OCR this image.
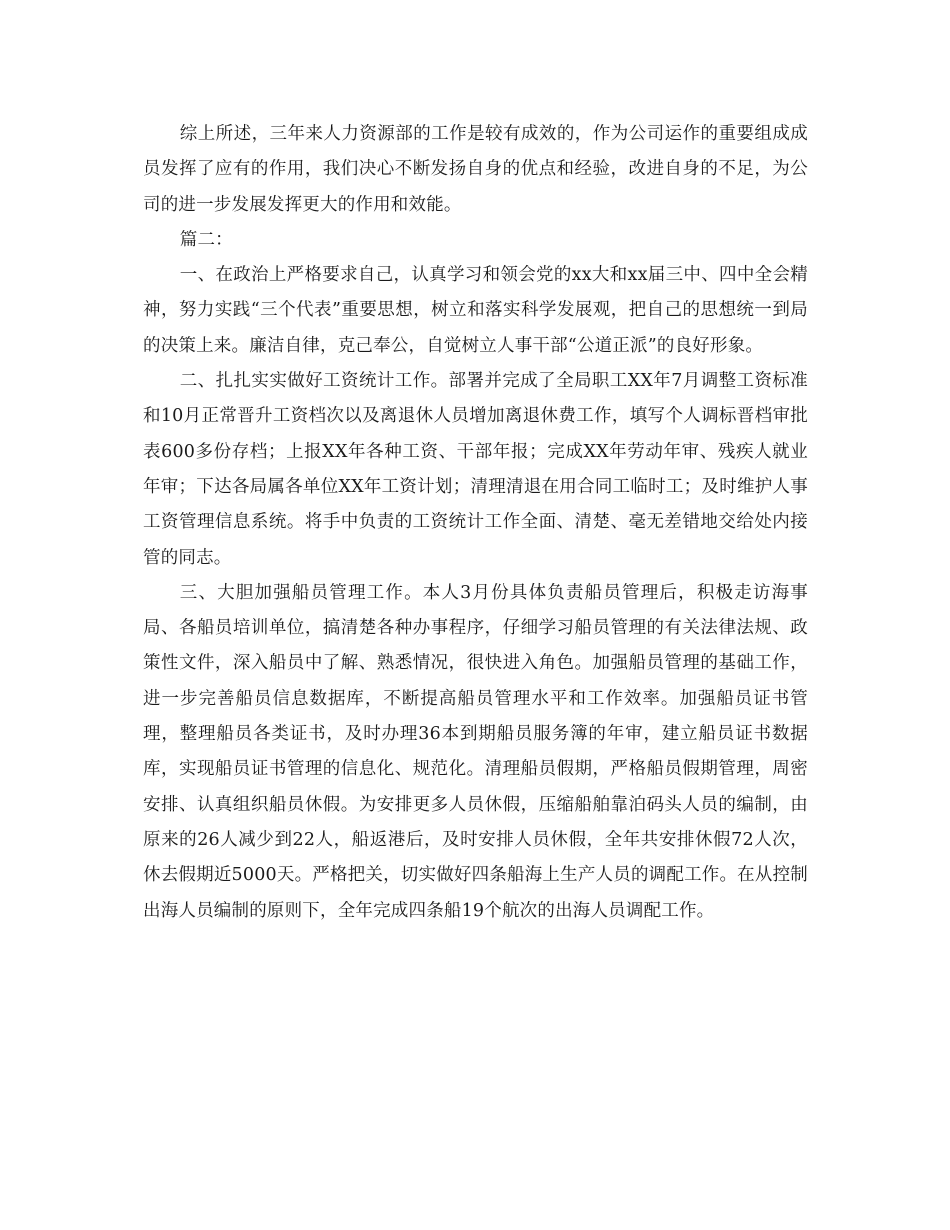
综上所述，三年来人力资源部的工作是较有成效的，作为公司运作的重要组成成员发挥了应有的作用，我们决心不断发扬自身的优点和经验，改进自身的不足，为公司的进一步发展发挥更大的作用和效能。

篇二：

一、在政治上严格要求自己，认真学习和领会党的xx大和xx届三中、四中全会精神，努力实践“三个代表”重要思想，树立和落实科学发展观，把自己的思想统一到局的决策上来。廉洁自律，克己奉公，自觉树立人事干部“公道正派”的良好形象。

二、扎扎实实做好工资统计工作。部署并完成了全局职工XX年7月调整工资标准和10月正常晋升工资档次以及离退休人员增加离退休费工作，填写个人调标晋档审批表600多份存档；上报XX年各种工资、干部年报；完成XX年劳动年审、残疾人就业年审；下达各局属各单位XX年工资计划；清理清退在用合同工临时工；及时维护人事工资管理信息系统。将手中负责的工资统计工作全面、清楚、毫无差错地交给处内接管的同志。

三、大胆加强船员管理工作。本人3月份具体负责船员管理后，积极走访海事局、各船员培训单位，搞清楚各种办事程序，仔细学习船员管理的有关法律法规、政策性文件，深入船员中了解、熟悉情况，很快进入角色。加强船员管理的基础工作，进一步完善船员信息数据库，不断提高船员管理水平和工作效率。加强船员证书管理，整理船员各类证书，及时办理36本到期船员服务簿的年审，建立船员证书数据库，实现船员证书管理的信息化、规范化。清理船员假期，严格船员假期管理，周密安排、认真组织船员休假。为安排更多人员休假，压缩船舶靠泊码头人员的编制，由原来的26人减少到22人，船返港后，及时安排人员休假，全年共安排休假72人次，休去假期近5000天。严格把关，切实做好四条船海上生产人员的调配工作。在从控制出海人员编制的原则下，全年完成四条船19个航次的出海人员调配工作。
